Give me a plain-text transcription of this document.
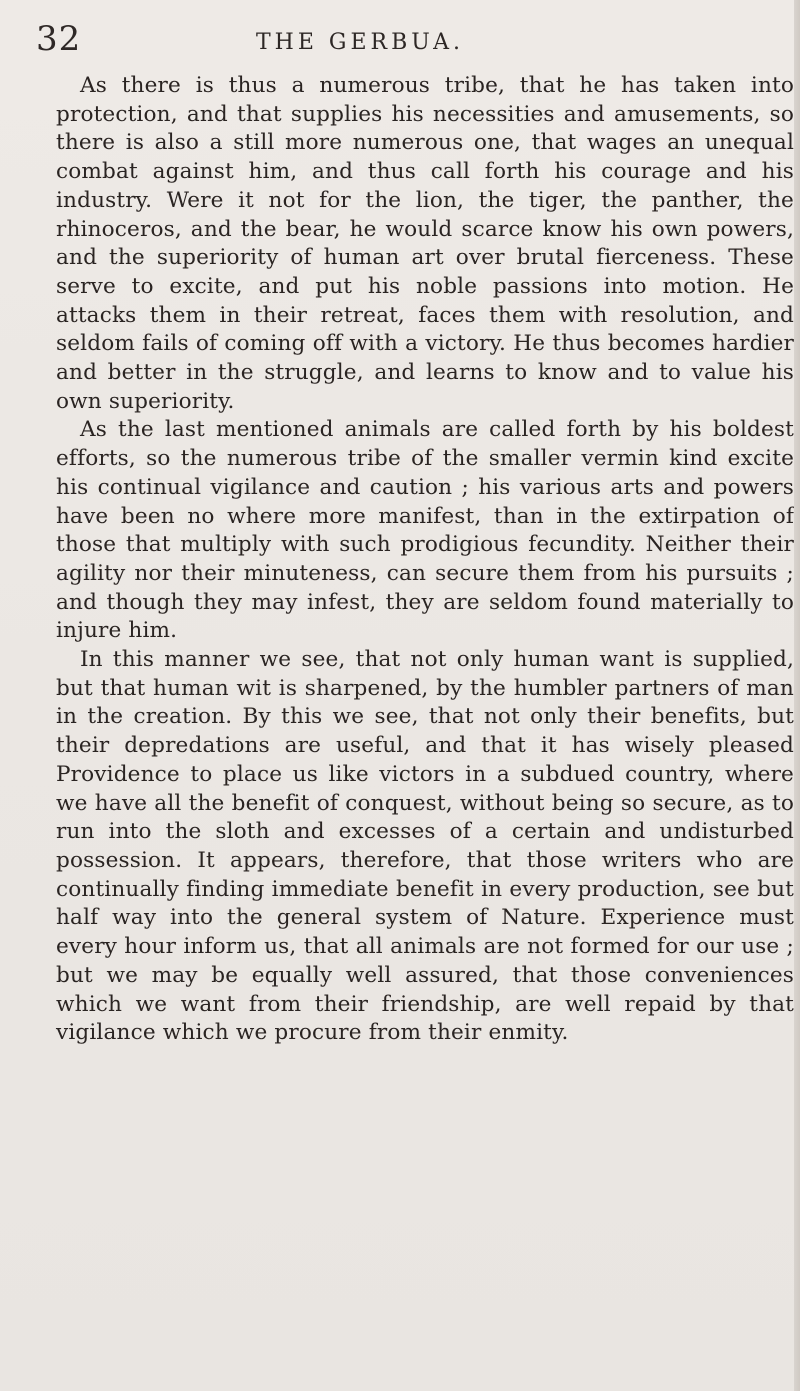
32	THE GERBUA.

As there is thus a numerous tribe, that he has taken into protection, and that supplies his necessities and amusements, so there is also a still more numerous one, that wages an unequal combat against him, and thus call forth his courage and his industry. Were it not for the lion, the tiger, the panther, the rhinoceros, and the bear, he would scarce know his own powers, and the superiority of human art over brutal fierceness. These serve to excite, and put his noble passions into motion. He attacks them in their retreat, faces them with resolution, and seldom fails of coming off with a victory. He thus becomes hardier and better in the struggle, and learns to know and to value his own superiority.

As the last mentioned animals are called forth by his boldest efforts, so the numerous tribe of the smaller vermin kind excite his continual vigilance and caution ; his various arts and powers have been no where more manifest, than in the extirpation of those that multiply with such prodigious fecundity. Neither their agility nor their minuteness, can secure them from his pursuits ; and though they may infest, they are seldom found materially to injure him.

In this manner we see, that not only human want is supplied, but that human wit is sharpened, by the humbler partners of man in the creation. By this we see, that not only their benefits, but their depredations are useful, and that it has wisely pleased Providence to place us like victors in a subdued country, where we have all the benefit of conquest, without being so secure, as to run into the sloth and excesses of a certain and undisturbed possession. It appears, therefore, that those writers who are continually finding immediate benefit in every production, see but half way into the general system of Nature. Experience must every hour inform us, that all animals are not formed for our use ; but we may be equally well assured, that those conveniences which we want from their friendship, are well repaid by that vigilance which we procure from their enmity.
